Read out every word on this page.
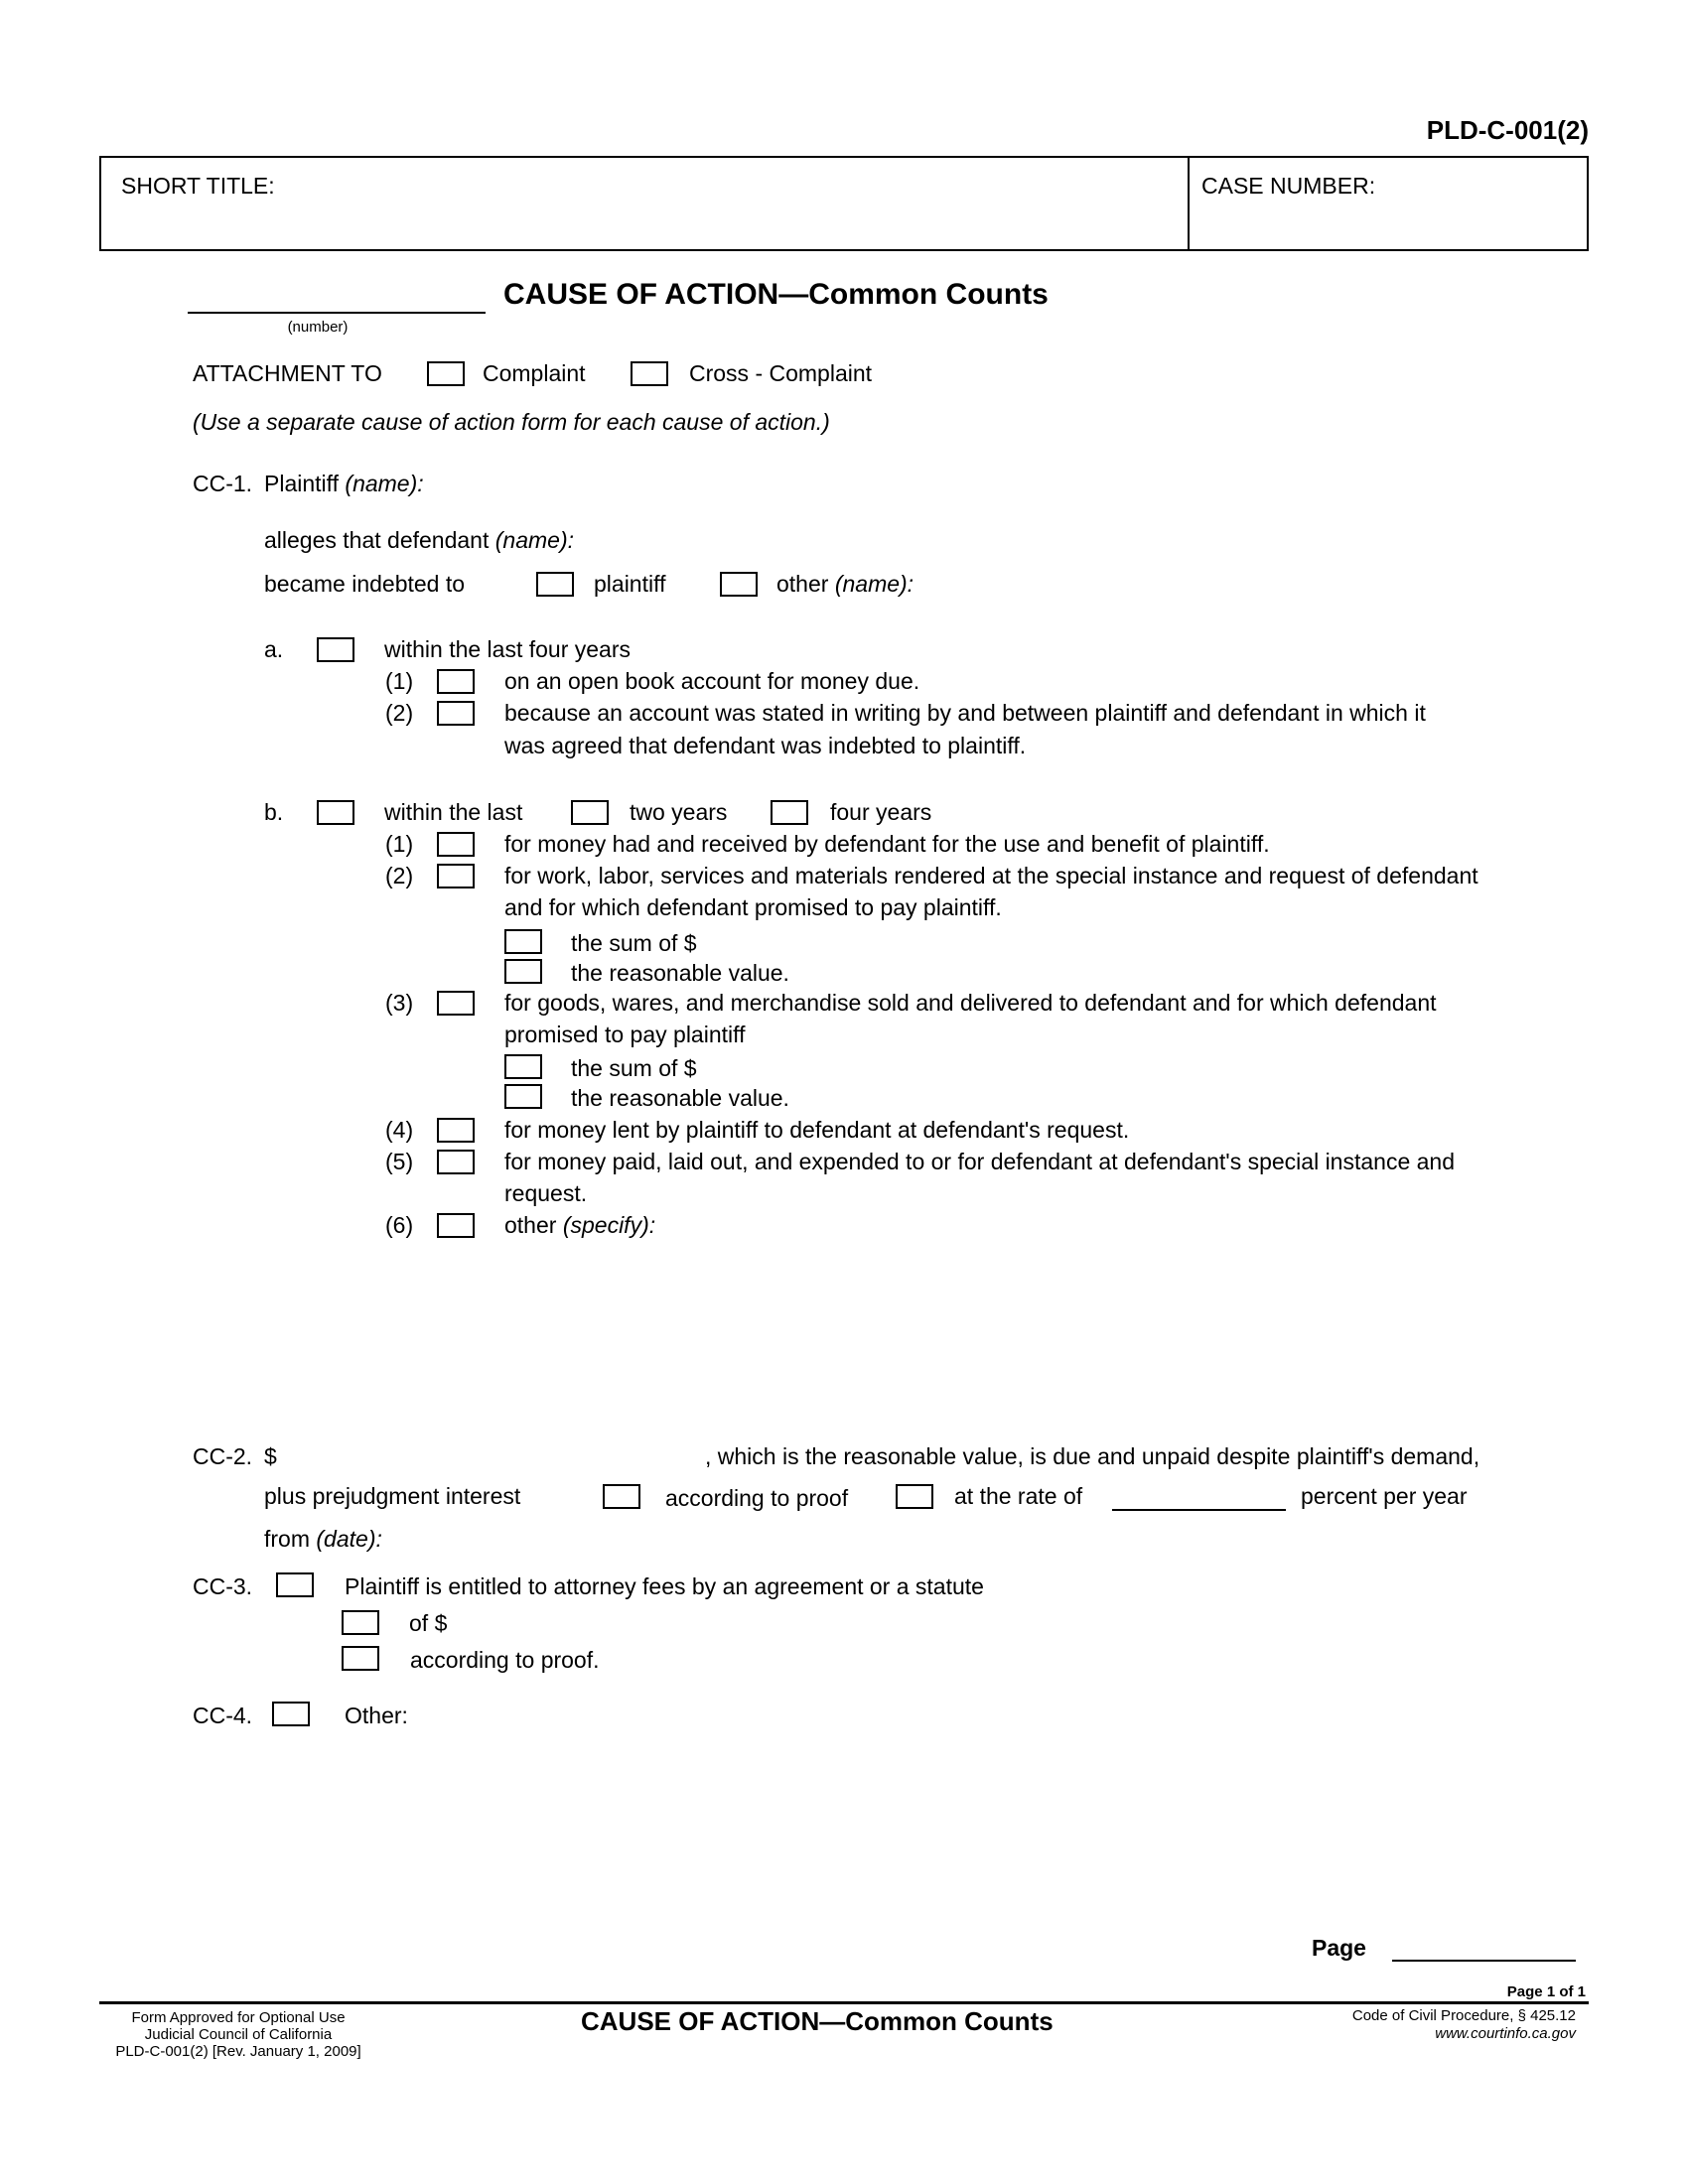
PLD-C-001(2)
SHORT TITLE:	CASE NUMBER:
(number)
CAUSE OF ACTION—Common Counts
ATTACHMENT TO	Complaint	Cross - Complaint
(Use a separate cause of action form for each cause of action.)
CC-1. Plaintiff (name):
alleges that defendant (name):
became indebted to	plaintiff	other (name):
a.	within the last four years
(1)	on an open book account for money due.
(2)	because an account was stated in writing by and between plaintiff and defendant in which it
was agreed that defendant was indebted to plaintiff.
b.	within the last	two years	four years
(1)	for money had and received by defendant for the use and benefit of plaintiff.
(2)	for work, labor, services and materials rendered at the special instance and request of defendant
and for which defendant promised to pay plaintiff.
the sum of $
the reasonable value.
(3)	for goods, wares, and merchandise sold and delivered to defendant and for which defendant
promised to pay plaintiff
the sum of $
the reasonable value.
(4)	for money lent by plaintiff to defendant at defendant's request.
(5)	for money paid, laid out, and expended to or for defendant at defendant's special instance and
request.
(6)	other (specify):
CC-2. $	, which is the reasonable value, is due and unpaid despite plaintiff's demand,
plus prejudgment interest	according to proof	at the rate of	percent per year
from (date):
CC-3.	Plaintiff is entitled to attorney fees by an agreement or a statute
of $
according to proof.
CC-4.	Other:
Page
Page 1 of 1
Form Approved for Optional Use
Judicial Council of California
PLD-C-001(2) [Rev. January 1, 2009]
CAUSE OF ACTION—Common Counts	Code of Civil Procedure, § 425.12
www.courtinfo.ca.gov
